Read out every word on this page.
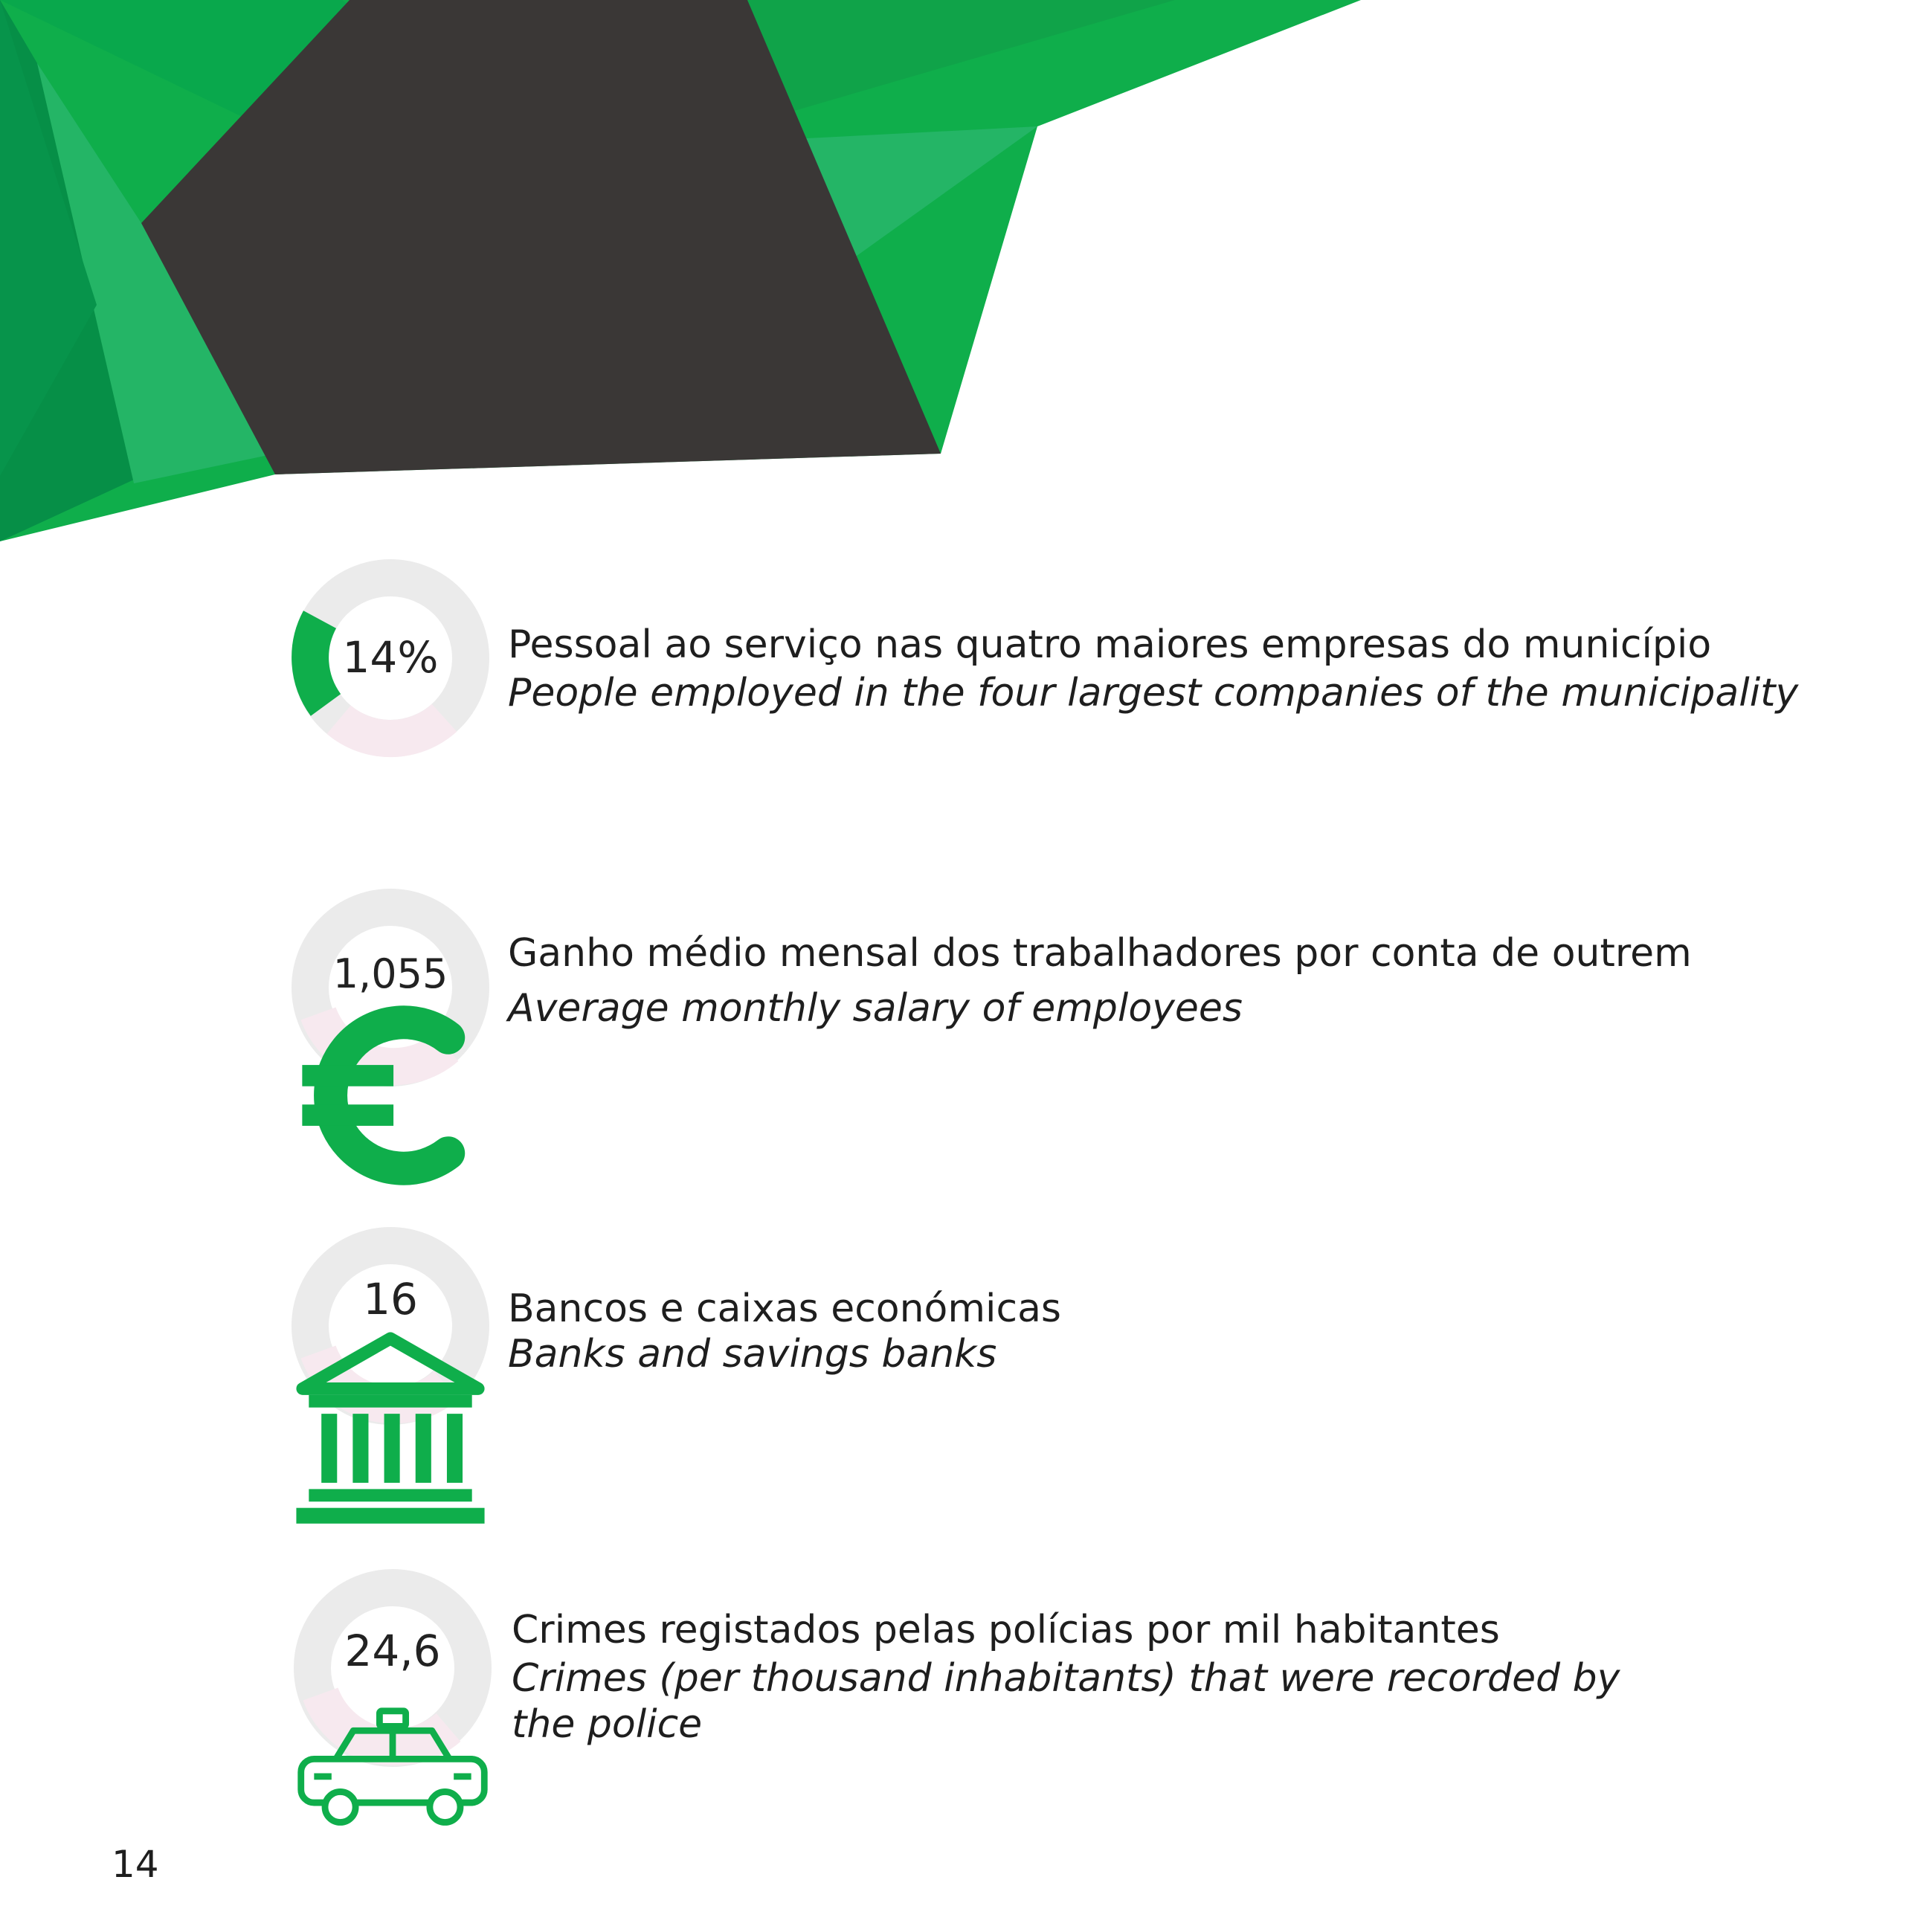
14%	Pessoal ao serviço nas quatro maiores empresas do município
People employed in the four largest companies of the municipality
1,055	Ganho médio mensal dos trabalhadores por conta de outrem
Average monthly salary of employees
16	Bancos e caixas económicas
Banks and savings banks
24,6	Crimes registados pelas polícias por mil habitantes
Crimes (per thousand inhabitants) that were recorded by the police
14
